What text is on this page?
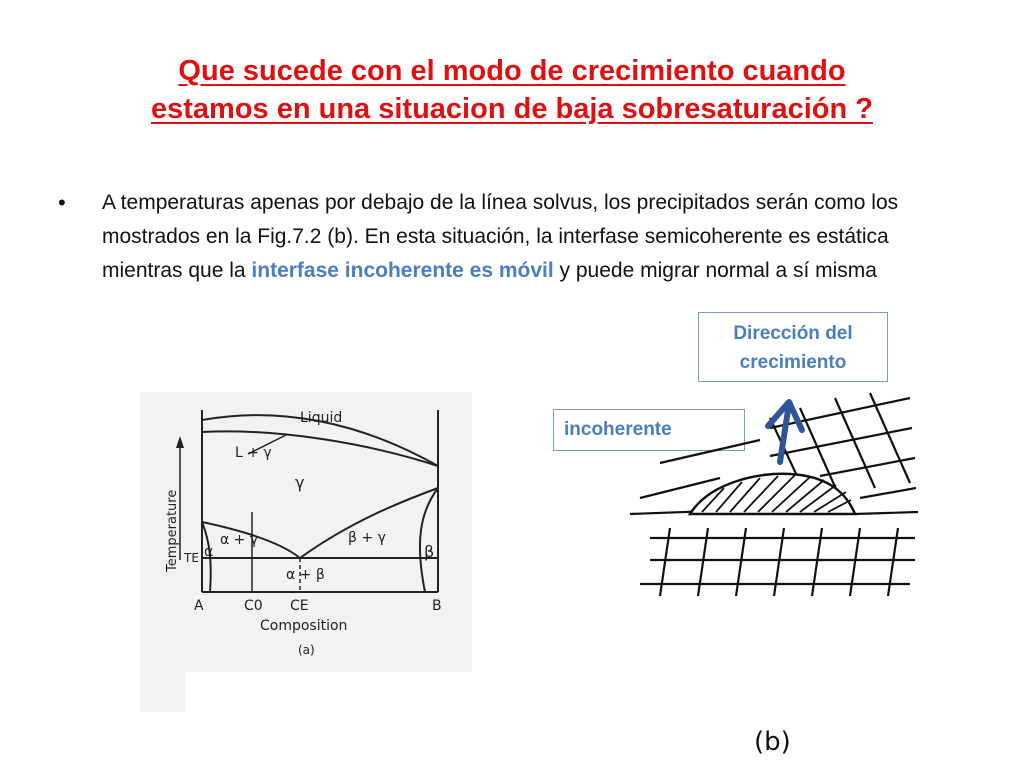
Que sucede con el modo de crecimiento cuando
estamos en una situacion de baja sobresaturación ?
• A temperaturas apenas por debajo de la línea solvus, los precipitados serán como los mostrados en la Fig.7.2 (b). En esta situación, la interfase semicoherente es estática mientras que la interfase incoherente es móvil y puede migrar normal a sí misma
Dirección del
crecimiento
incoherente
Liquid
L + γ
γ
α + γ	β + γ
α	β
α + β
TE
Temperature
A	C0 CE	B
Composition
(a)
(b)
